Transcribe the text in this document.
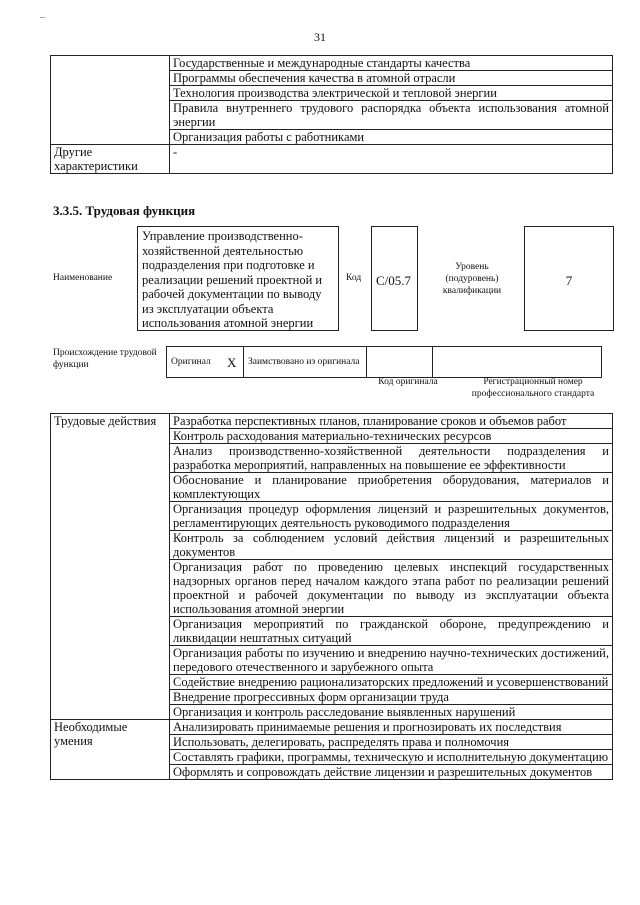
–
31
	Государственные и международные стандарты качества
	Программы обеспечения качества в атомной отрасли
	Технология производства электрической и тепловой энергии
	Правила внутреннего трудового распорядка объекта использования атомной энергии
	Организация работы с работниками
Другие характеристики	-
3.3.5. Трудовая функция
Наименование
Управление производственно-хозяйственной деятельностью подразделения при подготовке и реализации решений проектной и рабочей документации по выводу из эксплуатации объекта использования атомной энергии
Код	C/05.7
Уровень (подуровень) квалификации
7
Происхождение трудовой функции	Оригинал	X	Заимствовано из оригинала		
Код оригинала	Регистрационный номер профессионального стандарта
Трудовые действия	Разработка перспективных планов, планирование сроков и объемов работ
	Контроль расходования материально-технических ресурсов
	Анализ производственно-хозяйственной деятельности подразделения и разработка мероприятий, направленных на повышение ее эффективности
	Обоснование и планирование приобретения оборудования, материалов и комплектующих
	Организация процедур оформления лицензий и разрешительных документов, регламентирующих деятельность руководимого подразделения
	Контроль за соблюдением условий действия лицензий и разрешительных документов
	Организация работ по проведению целевых инспекций государственных надзорных органов перед началом каждого этапа работ по реализации решений проектной и рабочей документации по выводу из эксплуатации объекта использования атомной энергии
	Организация мероприятий по гражданской обороне, предупреждению и ликвидации нештатных ситуаций
	Организация работы по изучению и внедрению научно-технических достижений, передового отечественного и зарубежного опыта
	Содействие внедрению рационализаторских предложений и усовершенствований
	Внедрение прогрессивных форм организации труда
	Организация и контроль расследование выявленных нарушений
Необходимые умения	Анализировать принимаемые решения и прогнозировать их последствия
	Использовать, делегировать, распределять права и полномочия
	Составлять графики, программы, техническую и исполнительную документацию
	Оформлять и сопровождать действие лицензии и разрешительных документов
